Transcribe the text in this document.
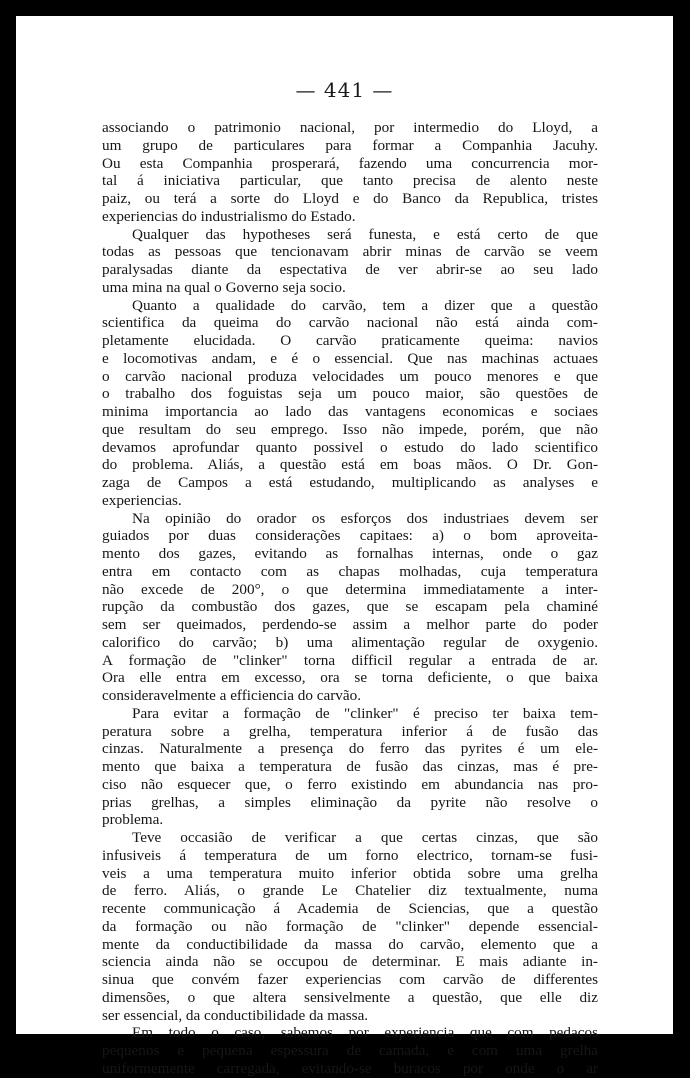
— 441 —
associando o patrimonio nacional, por intermedio do Lloyd, a
um grupo de particulares para formar a Companhia Jacuhy.
Ou esta Companhia prosperará, fazendo uma concurrencia mor-
tal á iniciativa particular, que tanto precisa de alento neste
paiz, ou terá a sorte do Lloyd e do Banco da Republica, tristes
experiencias do industrialismo do Estado.
Qualquer das hypotheses será funesta, e está certo de que
todas as pessoas que tencionavam abrir minas de carvão se veem
paralysadas diante da espectativa de ver abrir-se ao seu lado
uma mina na qual o Governo seja socio.
Quanto a qualidade do carvão, tem a dizer que a questão
scientifica da queima do carvão nacional não está ainda com-
pletamente elucidada. O carvão praticamente queima: navios
e locomotivas andam, e é o essencial. Que nas machinas actuaes
o carvão nacional produza velocidades um pouco menores e que
o trabalho dos foguistas seja um pouco maior, são questões de
minima importancia ao lado das vantagens economicas e sociaes
que resultam do seu emprego. Isso não impede, porém, que não
devamos aprofundar quanto possivel o estudo do lado scientifico
do problema. Aliás, a questão está em boas mãos. O Dr. Gon-
zaga de Campos a está estudando, multiplicando as analyses e
experiencias.
Na opinião do orador os esforços dos industriaes devem ser
guiados por duas considerações capitaes: a) o bom aproveita-
mento dos gazes, evitando as fornalhas internas, onde o gaz
entra em contacto com as chapas molhadas, cuja temperatura
não excede de 200°, o que determina immediatamente a inter-
rupção da combustão dos gazes, que se escapam pela chaminé
sem ser queimados, perdendo-se assim a melhor parte do poder
calorifico do carvão; b) uma alimentação regular de oxygenio.
A formação de "clinker" torna difficil regular a entrada de ar.
Ora elle entra em excesso, ora se torna deficiente, o que baixa
consideravelmente a efficiencia do carvão.
Para evitar a formação de "clinker" é preciso ter baixa tem-
peratura sobre a grelha, temperatura inferior á de fusão das
cinzas. Naturalmente a presença do ferro das pyrites é um ele-
mento que baixa a temperatura de fusão das cinzas, mas é pre-
ciso não esquecer que, o ferro existindo em abundancia nas pro-
prias grelhas, a simples eliminação da pyrite não resolve o
problema.
Teve occasião de verificar a que certas cinzas, que são
infusiveis á temperatura de um forno electrico, tornam-se fusi-
veis a uma temperatura muito inferior obtida sobre uma grelha
de ferro. Aliás, o grande Le Chatelier diz textualmente, numa
recente communicação á Academia de Sciencias, que a questão
da formação ou não formação de "clinker" depende essencial-
mente da conductibilidade da massa do carvão, elemento que a
sciencia ainda não se occupou de determinar. E mais adiante in-
sinua que convém fazer experiencias com carvão de differentes
dimensões, o que altera sensivelmente a questão, que elle diz
ser essencial, da conductibilidade da massa.
Em todo o caso, sabemos por experiencia que com pedaços
pequenos e pequena espessura de camada, e com uma grelha
uniformemente carregada, evitando-se buracos por onde o ar
